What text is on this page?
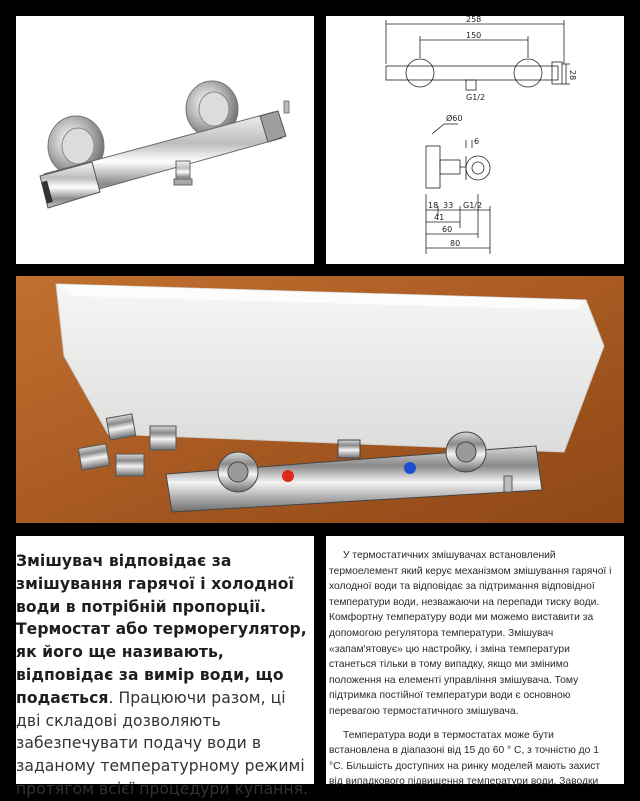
258
150
28
G1/2
Ø60
6
18 33 G1/2
41
60
80

Змішувач відповідає за змішування гарячої і холодної води в потрібній пропорції. Термостат або терморегулятор, як його ще називають, відповідає за вимір води, що подається. Працюючи разом, ці дві складові дозволяють забезпечувати подачу води в заданому температурному режимі протягом всієї процедури купання.

У термостатичних змішувачах встановлений термоелемент який керує механізмом змішування гарячої і холодної води та відповідає за підтримання відповідної температури води, незважаючи на перепади тиску води. Комфортну температуру води ми можемо виставити за допомогою регулятора температури. Змішувач «запам'ятовує» цю настройку, і зміна температури станеться тільки в тому випадку, якщо ми змінимо положення на елементі управління змішувача. Тому підтримка постійної температури води є основною перевагою термостатичного змішувача.

Температура води в термостатах може бути встановлена в діапазоні від 15 до 60 ° С, з точністю до 1 °С. Більшість доступних на ринку моделей мають захист від випадкового підвищення температури води. Заводки
